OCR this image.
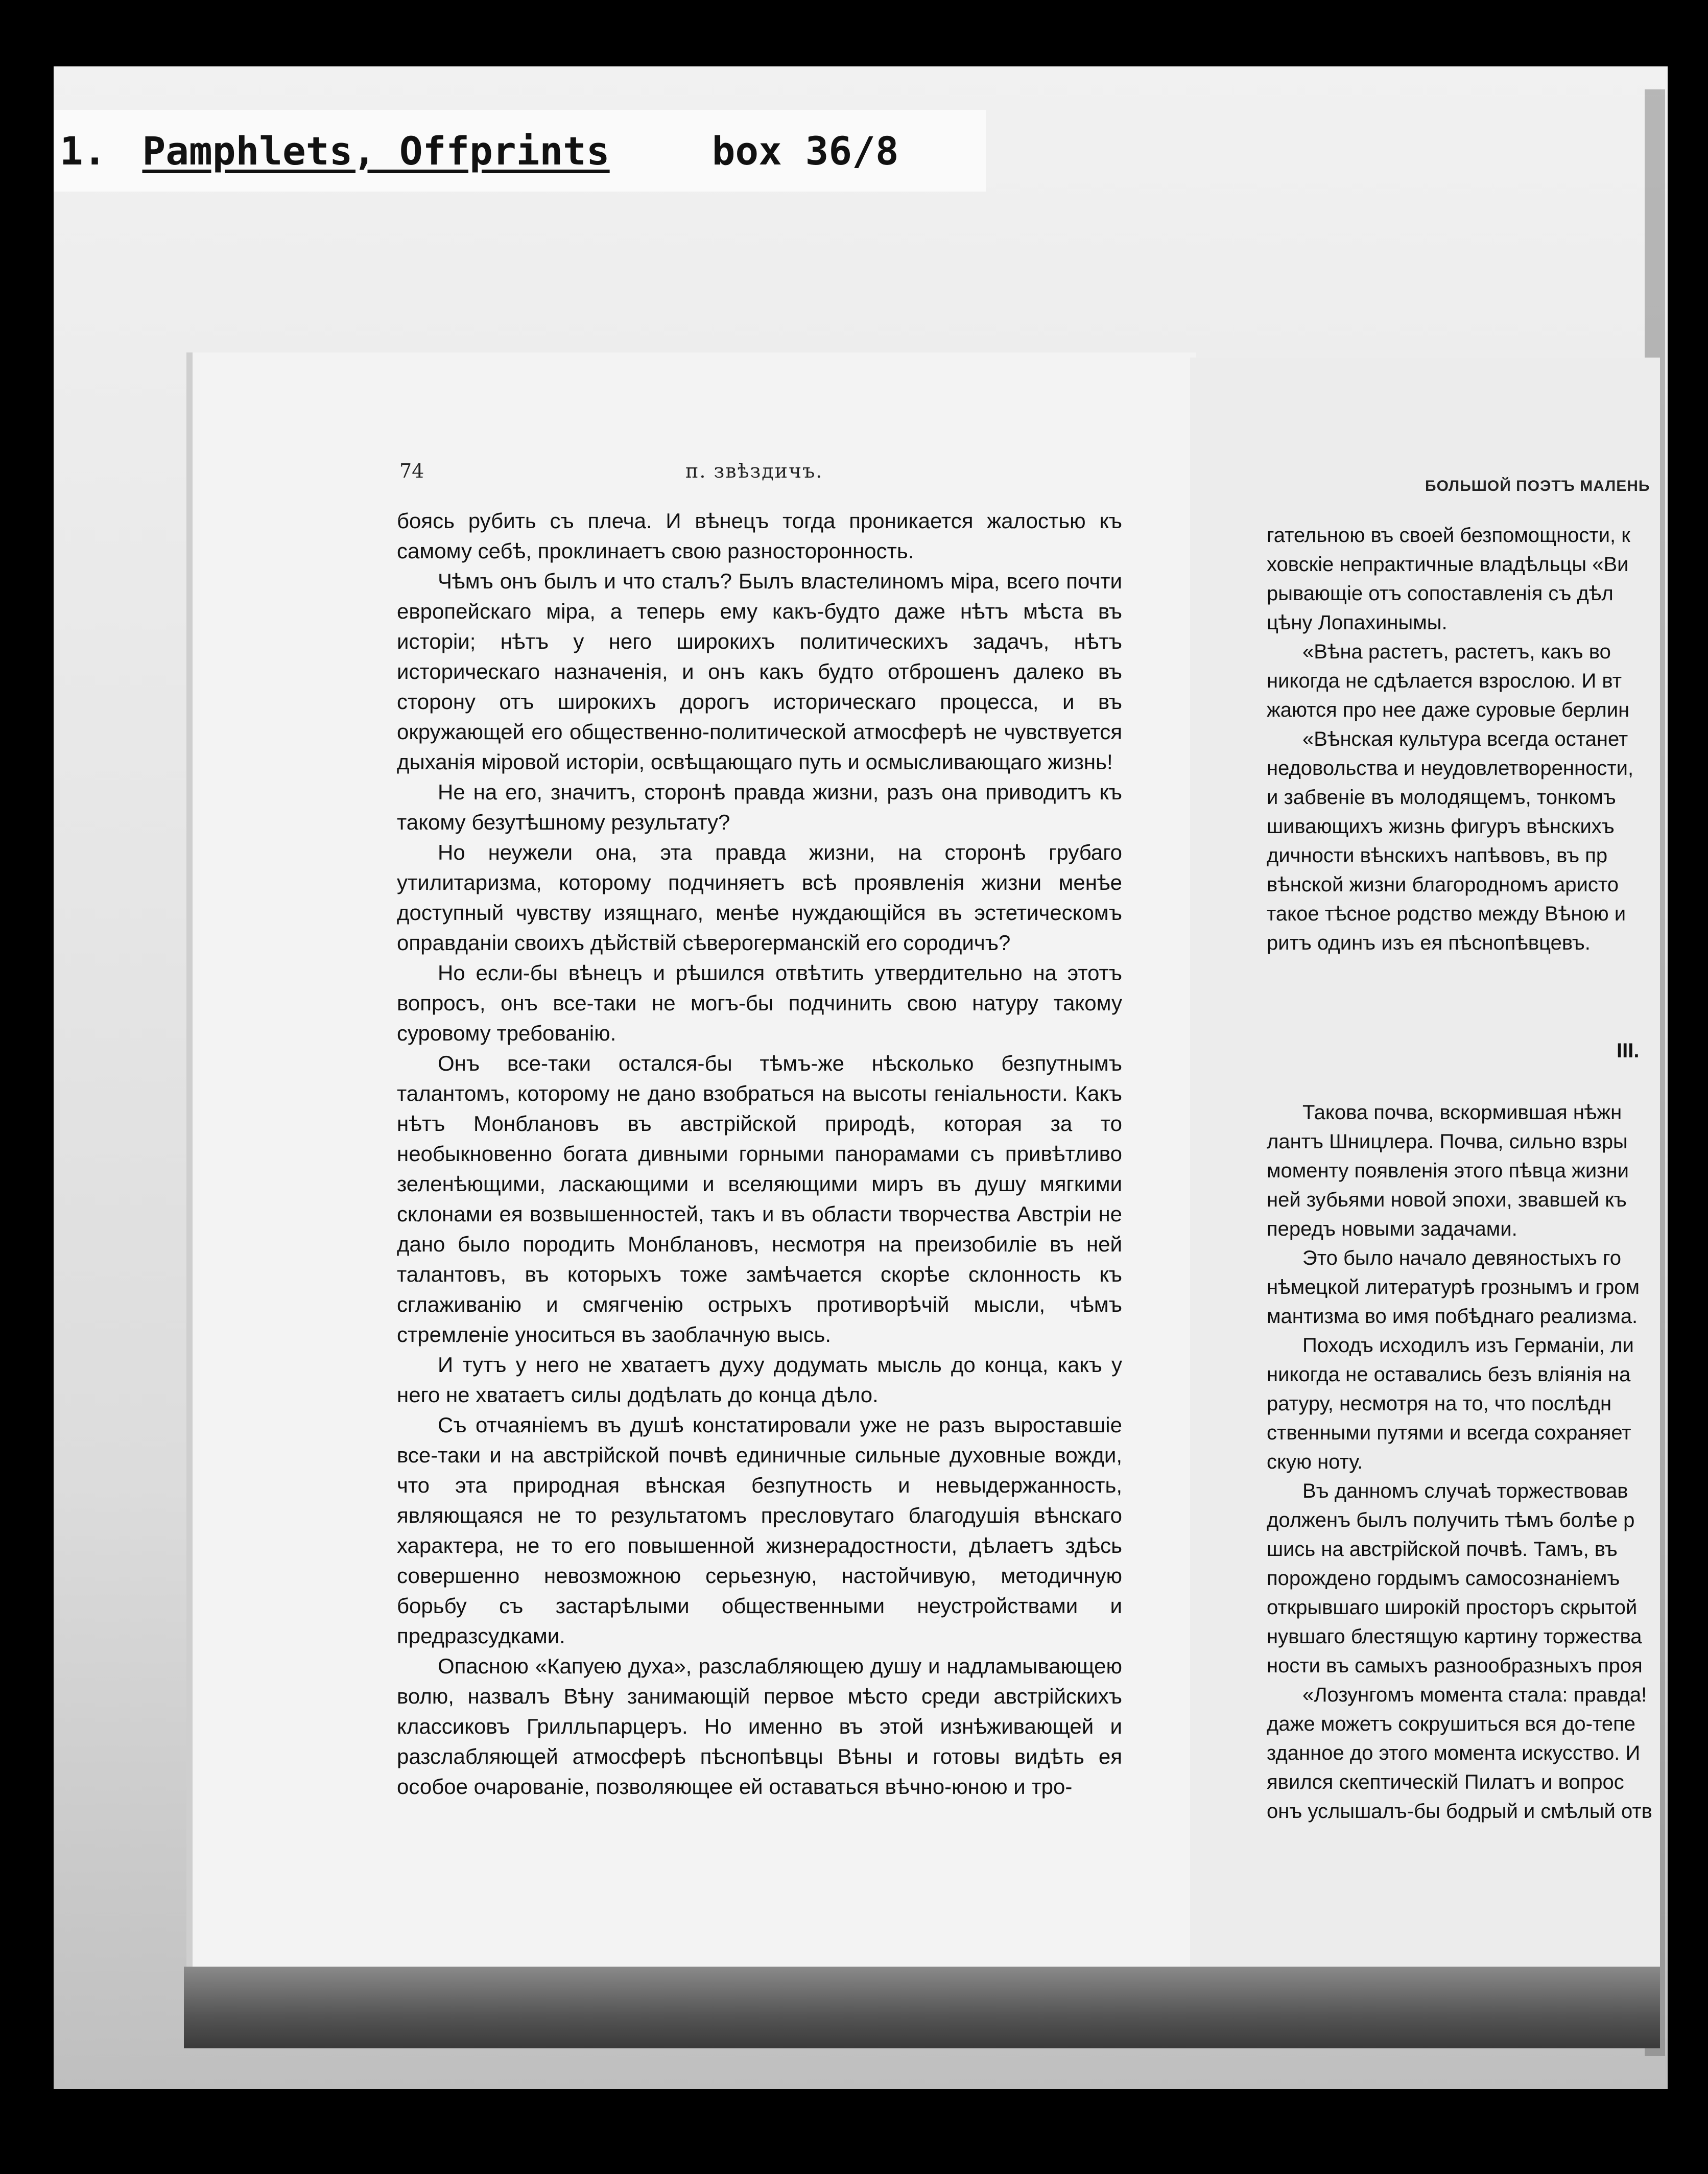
1. Pamphlets, Offprints	box 36/8
74	п. звѣздичъ.

боясь рубить съ плеча. И вѣнецъ тогда проникается жалостью къ самому себѣ, проклинаетъ свою разносторонность.

Чѣмъ онъ былъ и что сталъ? Былъ властелиномъ міра, всего почти европейскаго міра, а теперь ему какъ-будто даже нѣтъ мѣста въ исторіи; нѣтъ у него широкихъ политическихъ задачъ, нѣтъ историческаго назначенія, и онъ какъ будто отброшенъ далеко въ сторону отъ широкихъ дорогъ историческаго процесса, и въ окружающей его общественно-политической атмосферѣ не чувствуется дыханія міровой исторіи, освѣщающаго путь и осмысливающаго жизнь!

Не на его, значитъ, сторонѣ правда жизни, разъ она приводитъ къ такому безутѣшному результату?

Но неужели она, эта правда жизни, на сторонѣ грубаго утилитаризма, которому подчиняетъ всѣ проявленія жизни менѣе доступный чувству изящнаго, менѣе нуждающійся въ эстетическомъ оправданіи своихъ дѣйствій сѣверогерманскій его сородичъ?

Но если-бы вѣнецъ и рѣшился отвѣтить утвердительно на этотъ вопросъ, онъ все-таки не могъ-бы подчинить свою натуру такому суровому требованію.

Онъ все-таки остался-бы тѣмъ-же нѣсколько безпутнымъ талантомъ, которому не дано взобраться на высоты геніальности. Какъ нѣтъ Монблановъ въ австрійской природѣ, которая за то необыкновенно богата дивными горными панорамами съ привѣтливо зеленѣющими, ласкающими и вселяющими миръ въ душу мягкими склонами ея возвышенностей, такъ и въ области творчества Австріи не дано было породить Монблановъ, несмотря на преизобиліе въ ней талантовъ, въ которыхъ тоже замѣчается скорѣе склонность къ сглаживанію и смягченію острыхъ противорѣчій мысли, чѣмъ стремленіе уноситься въ заоблачную высь.

И тутъ у него не хватаетъ духу додумать мысль до конца, какъ у него не хватаетъ силы додѣлать до конца дѣло.

Съ отчаяніемъ въ душѣ констатировали уже не разъ выроставшіе все-таки и на австрійской почвѣ единичные сильные духовные вожди, что эта природная вѣнская безпутность и невыдержанность, являющаяся не то результатомъ пресловутаго благодушія вѣнскаго характера, не то его повышенной жизнерадостности, дѣлаетъ здѣсь совершенно невозможною серьезную, настойчивую, методичную борьбу съ застарѣлыми общественными неустройствами и предразсудками.

Опасною «Капуею духа», разслабляющею душу и надламывающею волю, назвалъ Вѣну занимающій первое мѣсто среди австрійскихъ классиковъ Грилльпарцеръ. Но именно въ этой изнѣживающей и разслабляющей атмосферѣ пѣснопѣвцы Вѣны и готовы видѣть ея особое очарованіе, позволяющее ей оставаться вѣчно-юною и тро-

БОЛЬШОЙ ПОЭТЪ МАЛЕНЬ
гательною въ своей безпомощности, к
ховскіе непрактичные владѣльцы «Ви
рывающіе отъ сопоставленія съ дѣл
цѣну Лопахинымы.
«Вѣна растетъ, растетъ, какъ во
никогда не сдѣлается взрослою. И вт
жаются про нее даже суровые берлин
«Вѣнская культура всегда останет
недовольства и неудовлетворенности,
и забвеніе въ молодящемъ, тонкомъ
шивающихъ жизнь фигуръ вѣнскихъ
дичности вѣнскихъ напѣвовъ, въ пр
вѣнской жизни благородномъ аристо
такое тѣсное родство между Вѣною и
ритъ одинъ изъ ея пѣснопѣвцевъ.
III.
Такова почва, вскормившая нѣжн
лантъ Шницлера. Почва, сильно взры
моменту появленія этого пѣвца жизни
ней зубьями новой эпохи, звавшей къ
передъ новыми задачами.
Это было начало девяностыхъ го
нѣмецкой литературѣ грознымъ и гром
мантизма во имя побѣднаго реализма.
Походъ исходилъ изъ Германіи, ли
никогда не оставались безъ вліянія на
ратуру, несмотря на то, что послѣдн
ственными путями и всегда сохраняет
скую ноту.
Въ данномъ случаѣ торжествовав
долженъ былъ получить тѣмъ болѣе р
шись на австрійской почвѣ. Тамъ, въ
порождено гордымъ самосознаніемъ
открывшаго широкій просторъ скрытой
нувшаго блестящую картину торжества
ности въ самыхъ разнообразныхъ проя
«Лозунгомъ момента стала: правда!
даже можетъ сокрушиться вся до-тепе
зданное до этого момента искусство. И
явился скептическій Пилатъ и вопрос
онъ услышалъ-бы бодрый и смѣлый отв
